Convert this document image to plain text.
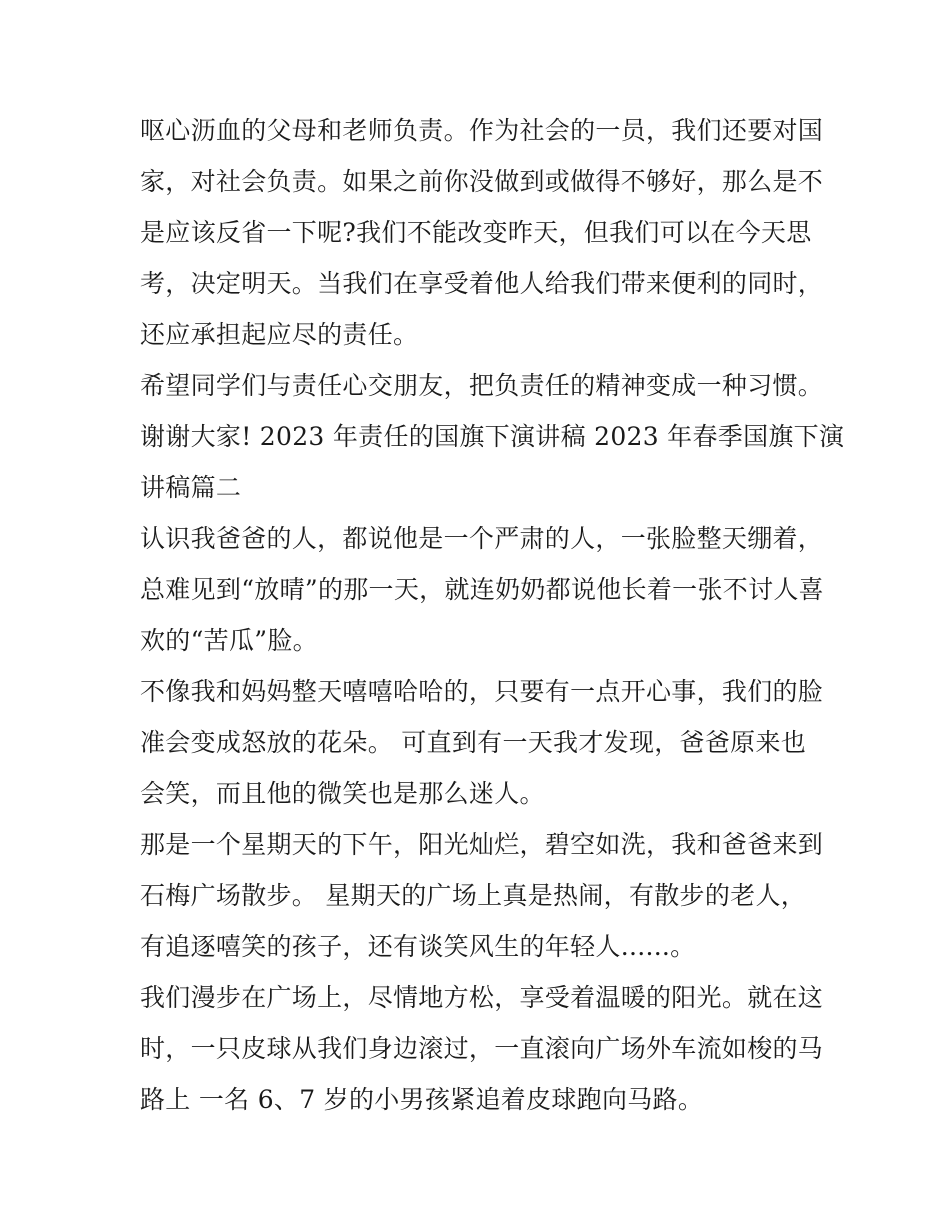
呕心沥血的父母和老师负责。作为社会的一员，我们还要对国
家，对社会负责。如果之前你没做到或做得不够好，那么是不
是应该反省一下呢?我们不能改变昨天，但我们可以在今天思
考，决定明天。当我们在享受着他人给我们带来便利的同时，
还应承担起应尽的责任。
希望同学们与责任心交朋友，把负责任的精神变成一种习惯。
谢谢大家! 2023 年责任的国旗下演讲稿 2023 年春季国旗下演
讲稿篇二
认识我爸爸的人，都说他是一个严肃的人，一张脸整天绷着，
总难见到“放晴”的那一天，就连奶奶都说他长着一张不讨人喜
欢的“苦瓜”脸。
不像我和妈妈整天嘻嘻哈哈的，只要有一点开心事，我们的脸
准会变成怒放的花朵。 可直到有一天我才发现，爸爸原来也
会笑，而且他的微笑也是那么迷人。
那是一个星期天的下午，阳光灿烂，碧空如洗，我和爸爸来到
石梅广场散步。 星期天的广场上真是热闹，有散步的老人，
有追逐嘻笑的孩子，还有谈笑风生的年轻人......。
我们漫步在广场上，尽情地方松，享受着温暖的阳光。就在这
时，一只皮球从我们身边滚过，一直滚向广场外车流如梭的马
路上 一名 6、7 岁的小男孩紧追着皮球跑向马路。
